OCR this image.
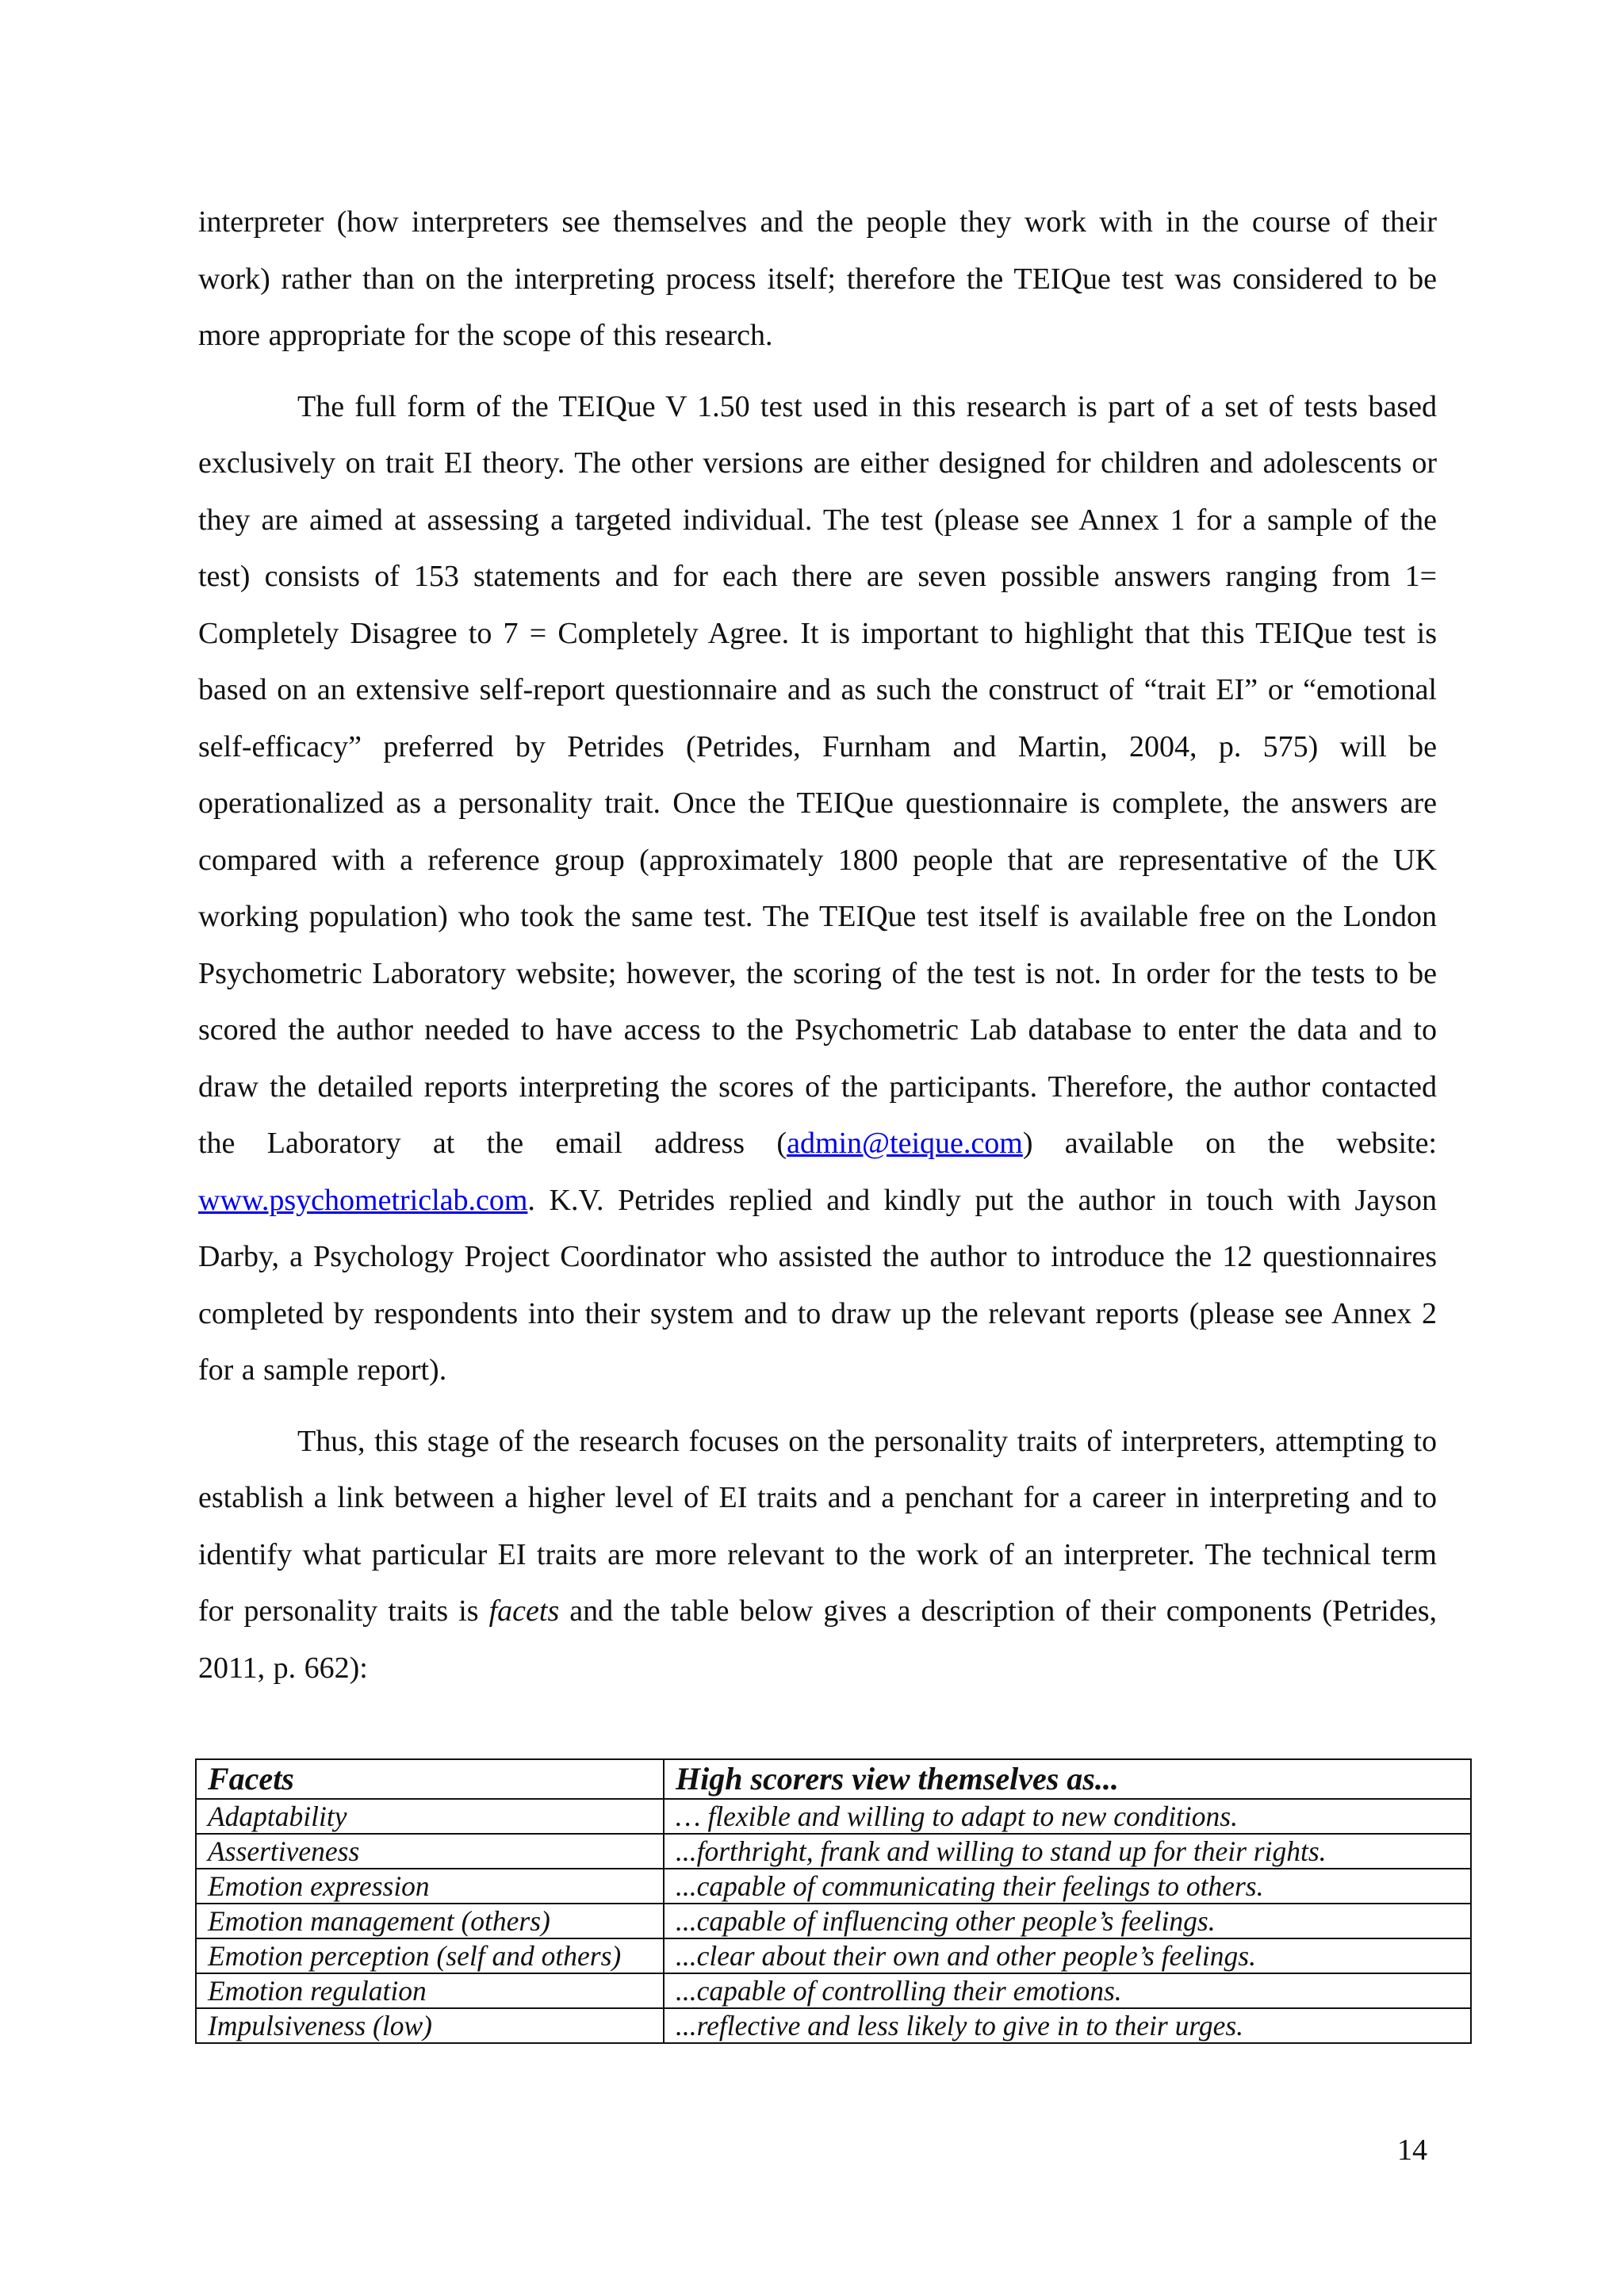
interpreter (how interpreters see themselves and the people they work with in the course of their work) rather than on the interpreting process itself; therefore the TEIQue test was considered to be more appropriate for the scope of this research.

The full form of the TEIQue V 1.50 test used in this research is part of a set of tests based exclusively on trait EI theory. The other versions are either designed for children and adolescents or they are aimed at assessing a targeted individual. The test (please see Annex 1 for a sample of the test) consists of 153 statements and for each there are seven possible answers ranging from 1= Completely Disagree to 7 = Completely Agree. It is important to highlight that this TEIQue test is based on an extensive self-report questionnaire and as such the construct of “trait EI” or “emotional self-efficacy” preferred by Petrides (Petrides, Furnham and Martin, 2004, p. 575) will be operationalized as a personality trait. Once the TEIQue questionnaire is complete, the answers are compared with a reference group (approximately 1800 people that are representative of the UK working population) who took the same test. The TEIQue test itself is available free on the London Psychometric Laboratory website; however, the scoring of the test is not. In order for the tests to be scored the author needed to have access to the Psychometric Lab database to enter the data and to draw the detailed reports interpreting the scores of the participants. Therefore, the author contacted the Laboratory at the email address (admin@teique.com) available on the website: www.psychometriclab.com. K.V. Petrides replied and kindly put the author in touch with Jayson Darby, a Psychology Project Coordinator who assisted the author to introduce the 12 questionnaires completed by respondents into their system and to draw up the relevant reports (please see Annex 2 for a sample report).

Thus, this stage of the research focuses on the personality traits of interpreters, attempting to establish a link between a higher level of EI traits and a penchant for a career in interpreting and to identify what particular EI traits are more relevant to the work of an interpreter. The technical term for personality traits is facets and the table below gives a description of their components (Petrides, 2011, p. 662):

Facets	High scorers view themselves as...
Adaptability	… flexible and willing to adapt to new conditions.
Assertiveness	...forthright, frank and willing to stand up for their rights.
Emotion expression	...capable of communicating their feelings to others.
Emotion management (others)	...capable of influencing other people’s feelings.
Emotion perception (self and others)	...clear about their own and other people’s feelings.
Emotion regulation	...capable of controlling their emotions.
Impulsiveness (low)	...reflective and less likely to give in to their urges.
14
